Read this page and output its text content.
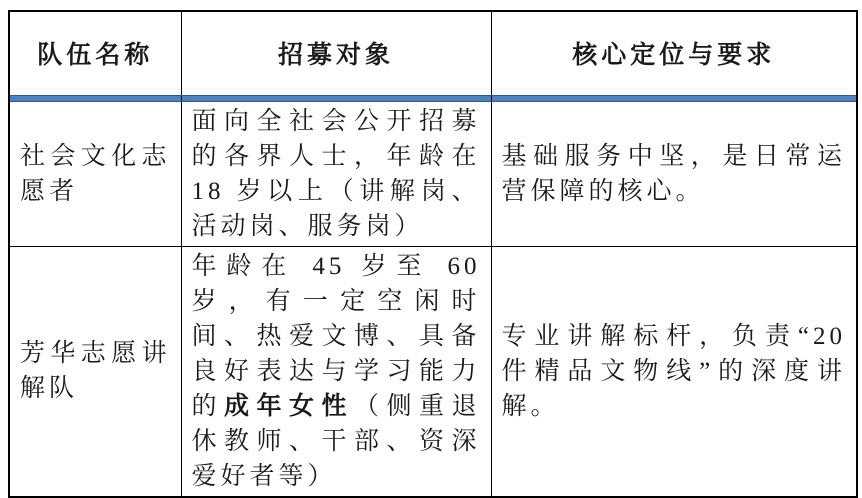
队伍名称	招募对象	核心定位与要求

社会文化志愿者	面向全社会公开招募的各界人士，年龄在 18 岁以上（讲解岗、活动岗、服务岗）	基础服务中坚，是日常运营保障的核心。
芳华志愿讲解队	年龄在 45 岁至 60 岁，有一定空闲时间、热爱文博、具备良好表达与学习能力的成年女性（侧重退休教师、干部、资深爱好者等）	专业讲解标杆，负责“20 件精品文物线”的深度讲解。
